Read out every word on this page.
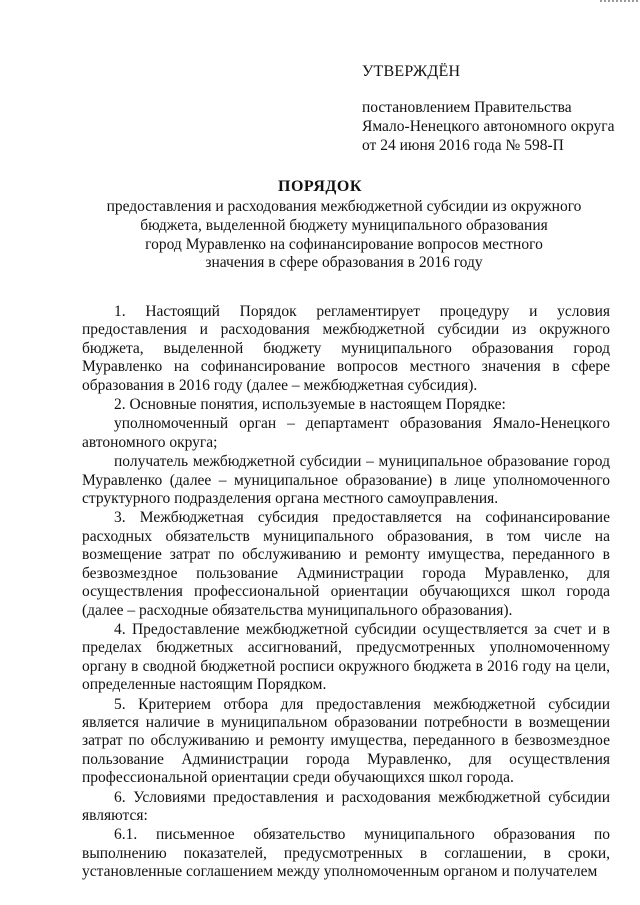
УТВЕРЖДЁН
постановлением Правительства
Ямало-Ненецкого автономного округа
от 24 июня 2016 года № 598-П
ПОРЯДОК
предоставления и расходования межбюджетной субсидии из окружного
бюджета, выделенной бюджету муниципального образования
город Муравленко на софинансирование вопросов местного
значения в сфере образования в 2016 году

1. Настоящий Порядок регламентирует процедуру и условия предоставления и расходования межбюджетной субсидии из окружного бюджета, выделенной бюджету муниципального образования город Муравленко на софинансирование вопросов местного значения в сфере образования в 2016 году (далее – межбюджетная субсидия).

2. Основные понятия, используемые в настоящем Порядке:

уполномоченный орган – департамент образования Ямало-Ненецкого автономного округа;

получатель межбюджетной субсидии – муниципальное образование город Муравленко (далее – муниципальное образование) в лице уполномоченного структурного подразделения органа местного самоуправления.

3. Межбюджетная субсидия предоставляется на софинансирование расходных обязательств муниципального образования, в том числе на возмещение затрат по обслуживанию и ремонту имущества, переданного в безвозмездное пользование Администрации города Муравленко, для осуществления профессиональной ориентации обучающихся школ города (далее – расходные обязательства муниципального образования).

4. Предоставление межбюджетной субсидии осуществляется за счет и в пределах бюджетных ассигнований, предусмотренных уполномоченному органу в сводной бюджетной росписи окружного бюджета в 2016 году на цели, определенные настоящим Порядком.

5. Критерием отбора для предоставления межбюджетной субсидии является наличие в муниципальном образовании потребности в возмещении затрат по обслуживанию и ремонту имущества, переданного в безвозмездное пользование Администрации города Муравленко, для осуществления профессиональной ориентации среди обучающихся школ города.

6. Условиями предоставления и расходования межбюджетной субсидии являются:

6.1. письменное обязательство муниципального образования по выполнению показателей, предусмотренных в соглашении, в сроки, установленные соглашением между уполномоченным органом и получателем
